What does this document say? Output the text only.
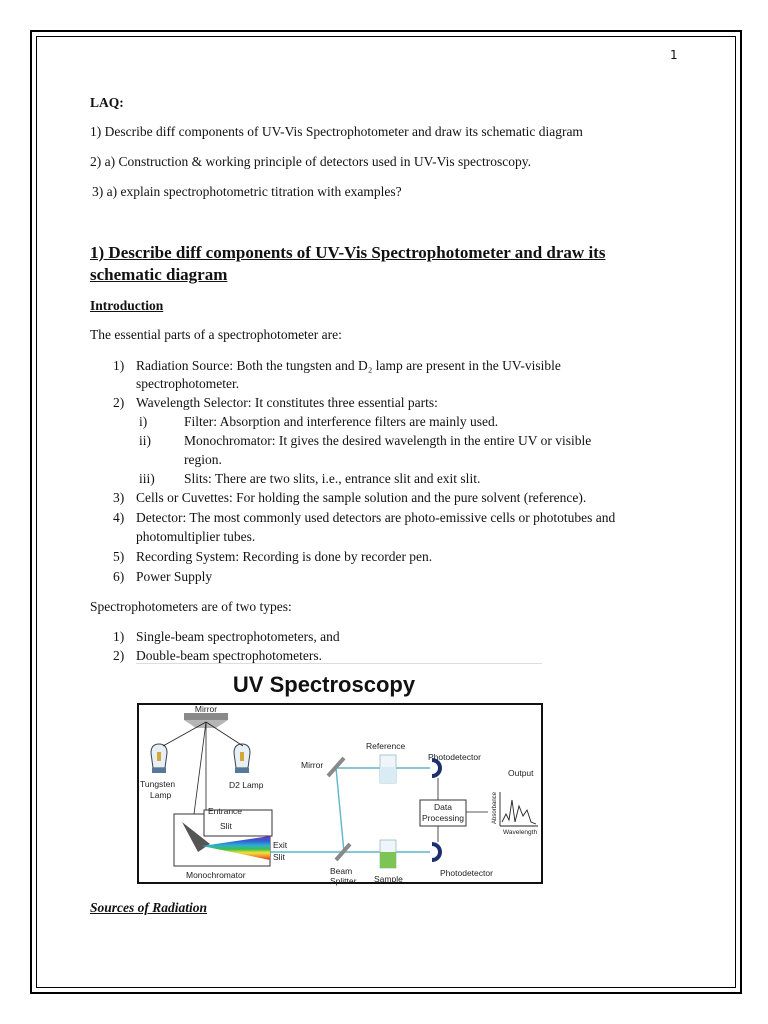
1
LAQ:
1) Describe diff components of UV-Vis Spectrophotometer and draw its schematic diagram
2) a) Construction & working principle of detectors used in UV-Vis spectroscopy.
3) a) explain spectrophotometric titration with examples?
1) Describe diff components of UV-Vis Spectrophotometer and draw its
schematic diagram
Introduction
The essential parts of a spectrophotometer are:
1) Radiation Source: Both the tungsten and D₂ lamp are present in the UV-visible
spectrophotometer.
2) Wavelength Selector: It constitutes three essential parts:
i)	Filter: Absorption and interference filters are mainly used.
ii) Monochromator: It gives the desired wavelength in the entire UV or visible
region.
iii) Slits: There are two slits, i.e., entrance slit and exit slit.
3) Cells or Cuvettes: For holding the sample solution and the pure solvent (reference).
4) Detector: The most commonly used detectors are photo-emissive cells or phototubes and
photomultiplier tubes.
5) Recording System: Recording is done by recorder pen.
6) Power Supply
Spectrophotometers are of two types:
1) Single-beam spectrophotometers, and
2) Double-beam spectrophotometers.
UV Spectroscopy
Mirror
Tungsten
Lamp
D2 Lamp
Entrance
Slit
Monochromator
Exit
Slit
Mirror
Beam
Splitter
Reference
Sample
Photodetector
Photodetector
Data
Processing
Output
Absorbance
Wavelength
Sources of Radiation
